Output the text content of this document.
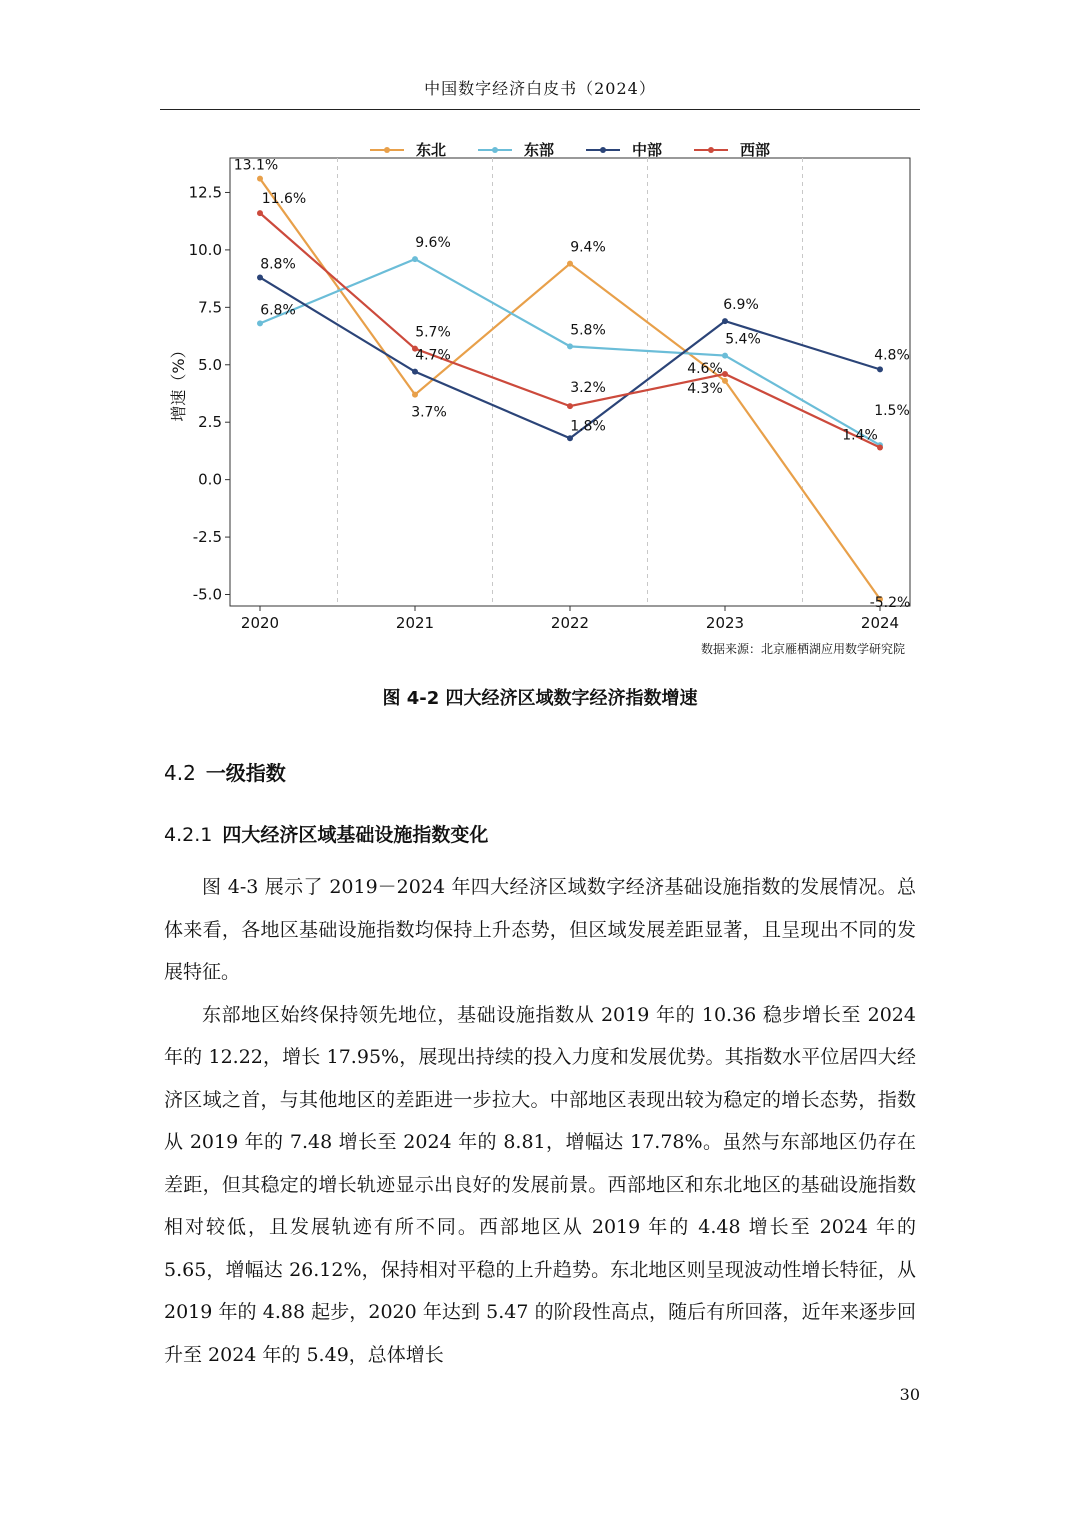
中国数字经济白皮书（2024）
-5.0
-2.5
0.0
2.5
5.0
7.5
10.0
12.5
2020	2021	2022	2023	2024
东北	东部	中部	西部
13.1%
3.7%
9.4%
4.3%
-5.2%
6.8%
9.6%
5.8%
5.4%
1.5%
8.8%
4.7%
1.8%
6.9%
4.8%
11.6%
5.7%
3.2%
4.6%
1.4%
增速（%）
数据来源：北京雁栖湖应用数学研究院
图 4-2 四大经济区域数字经济指数增速
4.2 一级指数
4.2.1 四大经济区域基础设施指数变化

图 4-3 展示了 2019－2024 年四大经济区域数字经济基础设施指数的发展情况。总体来看，各地区基础设施指数均保持上升态势，但区域发展差距显著，且呈现出不同的发展特征。

东部地区始终保持领先地位，基础设施指数从 2019 年的 10.36 稳步增长至 2024 年的 12.22，增长 17.95%，展现出持续的投入力度和发展优势。其指数水平位居四大经济区域之首，与其他地区的差距进一步拉大。中部地区表现出较为稳定的增长态势，指数从 2019 年的 7.48 增长至 2024 年的 8.81，增幅达 17.78%。虽然与东部地区仍存在差距，但其稳定的增长轨迹显示出良好的发展前景。西部地区和东北地区的基础设施指数相对较低，且发展轨迹有所不同。西部地区从 2019 年的 4.48 增长至 2024 年的 5.65，增幅达 26.12%，保持相对平稳的上升趋势。东北地区则呈现波动性增长特征，从 2019 年的 4.88 起步，2020 年达到 5.47 的阶段性高点，随后有所回落，近年来逐步回升至 2024 年的 5.49，总体增长

30
